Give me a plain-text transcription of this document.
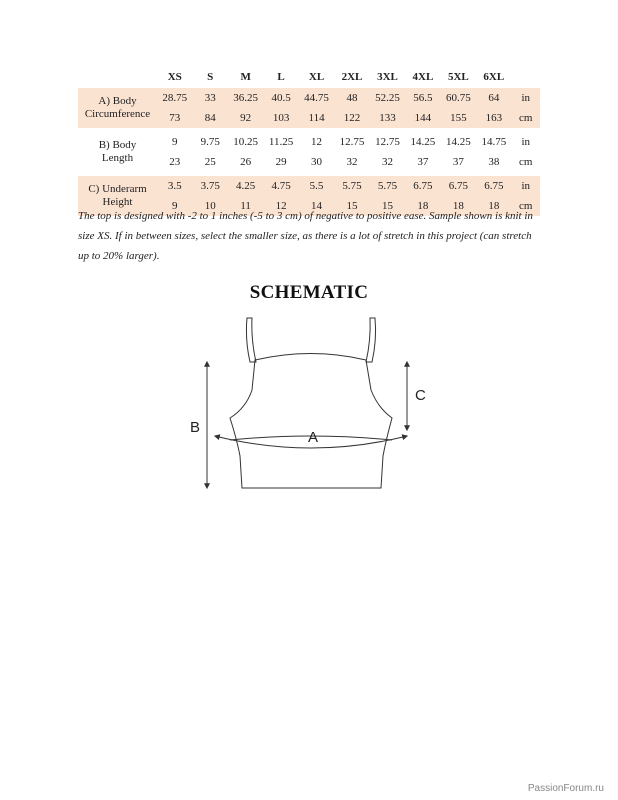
	XS	S	M	L	XL	2XL	3XL	4XL	5XL	6XL	
A) Body
Circumference	28.75	33	36.25	40.5	44.75	48	52.25	56.5	60.75	64	in
	73	84	92	103	114	122	133	144	155	163	cm

B) Body
Length	9	9.75	10.25	11.25	12	12.75	12.75	14.25	14.25	14.75	in
	23	25	26	29	30	32	32	37	37	38	cm

C) Underarm
Height	3.5	3.75	4.25	4.75	5.5	5.75	5.75	6.75	6.75	6.75	in
	9	10	11	12	14	15	15	18	18	18	cm

The top is designed with -2 to 1 inches (-5 to 3 cm) of negative to positive ease. Sample shown is knit in size XS. If in between sizes, select the smaller size, as there is a lot of stretch in this project (can stretch up to 20% larger).

SCHEMATIC
A
B
C

PassionForum.ru
